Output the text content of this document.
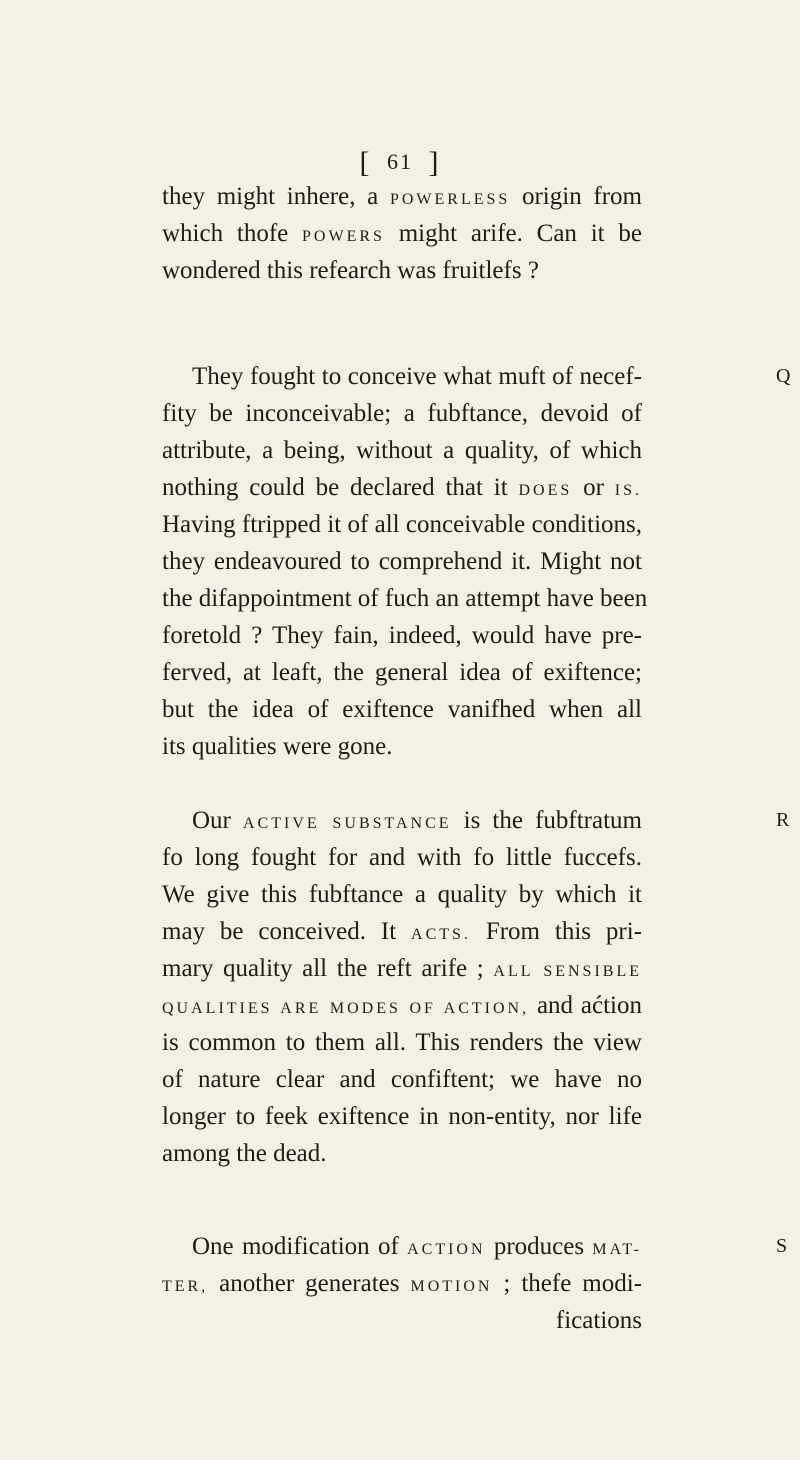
[ 61 ]
they might inhere, a POWERLESS origin from
which thofe POWERS might arife. Can it be
wondered this refearch was fruitlefs ?
They fought to conceive what muft of necef-
fity be inconceivable; a fubftance, devoid of
attribute, a being, without a quality, of which
nothing could be declared that it DOES or IS.
Having ftripped it of all conceivable conditions,
they endeavoured to comprehend it. Might not
the difappointment of fuch an attempt have been
foretold ? They fain, indeed, would have pre-
ferved, at leaft, the general idea of exiftence;
but the idea of exiftence vanifhed when all
its qualities were gone.
Q
Our ACTIVE SUBSTANCE is the fubftratum
fo long fought for and with fo little fuccefs.
We give this fubftance a quality by which it
may be conceived. It ACTS. From this pri-
mary quality all the reft arife ; ALL SENSIBLE
QUALITIES ARE MODES OF ACTION, and aćtion
is common to them all. This renders the view
of nature clear and confiftent; we have no
longer to feek exiftence in non-entity, nor life
among the dead.
R
One modification of ACTION produces MAT-
TER, another generates MOTION ; thefe modi-
S
fications
